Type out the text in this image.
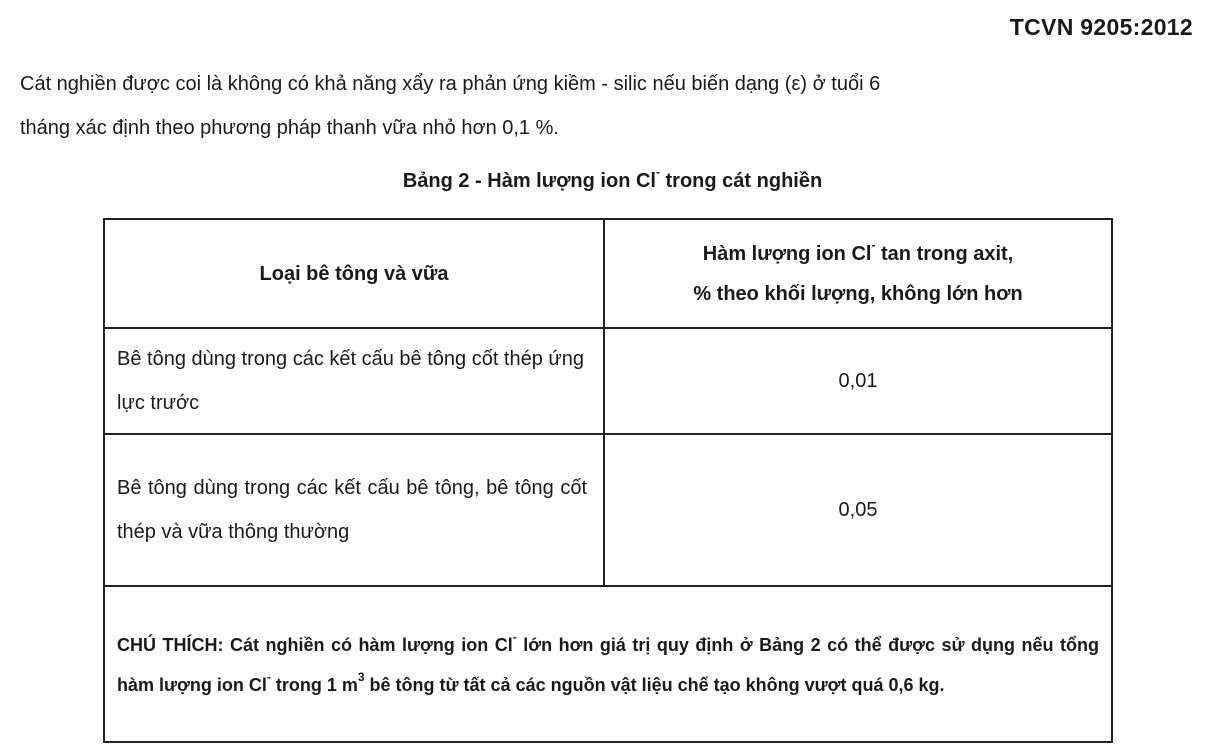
TCVN 9205:2012

Cát nghiền được coi là không có khả năng xẩy ra phản ứng kiềm - silic nếu biến dạng (ε) ở tuổi 6

tháng xác định theo phương pháp thanh vữa nhỏ hơn 0,1 %.

Bảng 2 - Hàm lượng ion Cl- trong cát nghiền
Loại bê tông và vữa	Hàm lượng ion Cl- tan trong axit,
% theo khối lượng, không lớn hơn
Bê tông dùng trong các kết cấu bê tông cốt thép ứng lực trước	0,01
Bê tông dùng trong các kết cấu bê tông, bê tông cốt thép và vữa thông thường	0,05
CHÚ THÍCH: Cát nghiền có hàm lượng ion Cl- lớn hơn giá trị quy định ở Bảng 2 có thể được sử dụng nếu tổng hàm lượng ion Cl- trong 1 $m^3$ bê tông từ tất cả các nguồn vật liệu chế tạo không vượt quá 0,6 kg.	
